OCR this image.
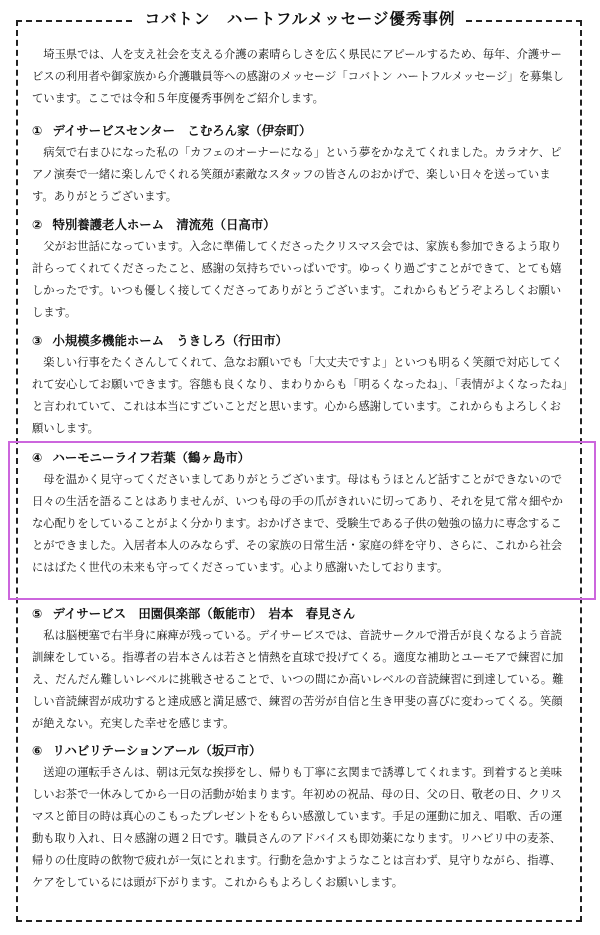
コバトン　ハートフルメッセージ優秀事例

埼玉県では、人を支え社会を支える介護の素晴らしさを広く県民にアピールするため、毎年、介護サービスの利用者や御家族から介護職員等への感謝のメッセージ「コバトン ハートフルメッセージ」を募集しています。ここでは令和５年度優秀事例をご紹介します。

① デイサービスセンター　こむろん家（伊奈町）

病気で右まひになった私の「カフェのオーナーになる」という夢をかなえてくれました。カラオケ、ピアノ演奏で一緒に楽しんでくれる笑顔が素敵なスタッフの皆さんのおかげで、楽しい日々を送っています。ありがとうございます。

② 特別養護老人ホーム　清流苑（日高市）

父がお世話になっています。入念に準備してくださったクリスマス会では、家族も参加できるよう取り計らってくれてくださったこと、感謝の気持ちでいっぱいです。ゆっくり過ごすことができて、とても嬉しかったです。いつも優しく接してくださってありがとうございます。これからもどうぞよろしくお願いします。

③ 小規模多機能ホーム　うきしろ（行田市）

楽しい行事をたくさんしてくれて、急なお願いでも「大丈夫ですよ」といつも明るく笑顔で対応してくれて安心してお願いできます。容態も良くなり、まわりからも「明るくなったね」、「表情がよくなったね」と言われていて、これは本当にすごいことだと思います。心から感謝しています。これからもよろしくお願いします。

④ ハーモニーライフ若葉（鶴ヶ島市）

母を温かく見守ってくださいましてありがとうございます。母はもうほとんど話すことができないので日々の生活を語ることはありませんが、いつも母の手の爪がきれいに切ってあり、それを見て常々細やかな心配りをしていることがよく分かります。おかげさまで、受験生である子供の勉強の協力に専念することができました。入居者本人のみならず、その家族の日常生活・家庭の絆を守り、さらに、これから社会にはばたく世代の未来も守ってくださっています。心より感謝いたしております。

⑤ デイサービス　田園倶楽部（飯能市）　岩本　春見さん

私は脳梗塞で右半身に麻痺が残っている。デイサービスでは、音読サークルで滑舌が良くなるよう音読訓練をしている。指導者の岩本さんは若さと情熱を直球で投げてくる。適度な補助とユーモアで練習に加え、だんだん難しいレベルに挑戦させることで、いつの間にか高いレベルの音読練習に到達している。難しい音読練習が成功すると達成感と満足感で、練習の苦労が自信と生き甲斐の喜びに変わってくる。笑顔が絶えない。充実した幸せを感じます。

⑥ リハビリテーションアール（坂戸市）

送迎の運転手さんは、朝は元気な挨拶をし、帰りも丁寧に玄関まで誘導してくれます。到着すると美味しいお茶で一休みしてから一日の活動が始まります。年初めの祝品、母の日、父の日、敬老の日、クリスマスと節目の時は真心のこもったプレゼントをもらい感激しています。手足の運動に加え、唱歌、舌の運動も取り入れ、日々感謝の週２日です。職員さんのアドバイスも即効薬になります。リハビリ中の麦茶、帰りの仕度時の飲物で疲れが一気にとれます。行動を急かすようなことは言わず、見守りながら、指導、ケアをしているには頭が下がります。これからもよろしくお願いします。
